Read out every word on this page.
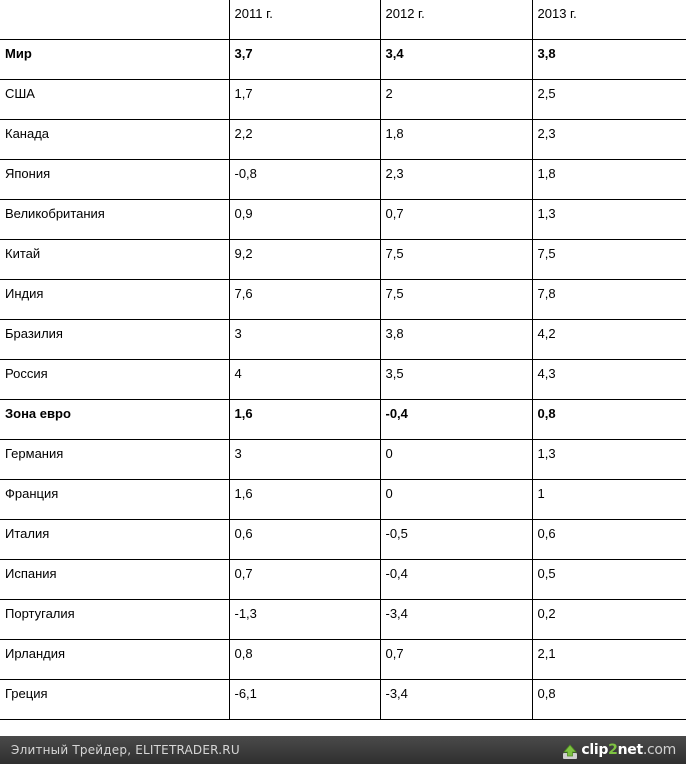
	2011 г.	2012 г.	2013 г.
Мир	3,7	3,4	3,8
США	1,7	2	2,5
Канада	2,2	1,8	2,3
Япония	-0,8	2,3	1,8
Великобритания	0,9	0,7	1,3
Китай	9,2	7,5	7,5
Индия	7,6	7,5	7,8
Бразилия	3	3,8	4,2
Россия	4	3,5	4,3
Зона евро	1,6	-0,4	0,8
Германия	3	0	1,3
Франция	1,6	0	1
Италия	0,6	-0,5	0,6
Испания	0,7	-0,4	0,5
Португалия	-1,3	-3,4	0,2
Ирландия	0,8	0,7	2,1
Греция	-6,1	-3,4	0,8
Элитный Трейдер, ELITETRADER.RU	clip2net.com
